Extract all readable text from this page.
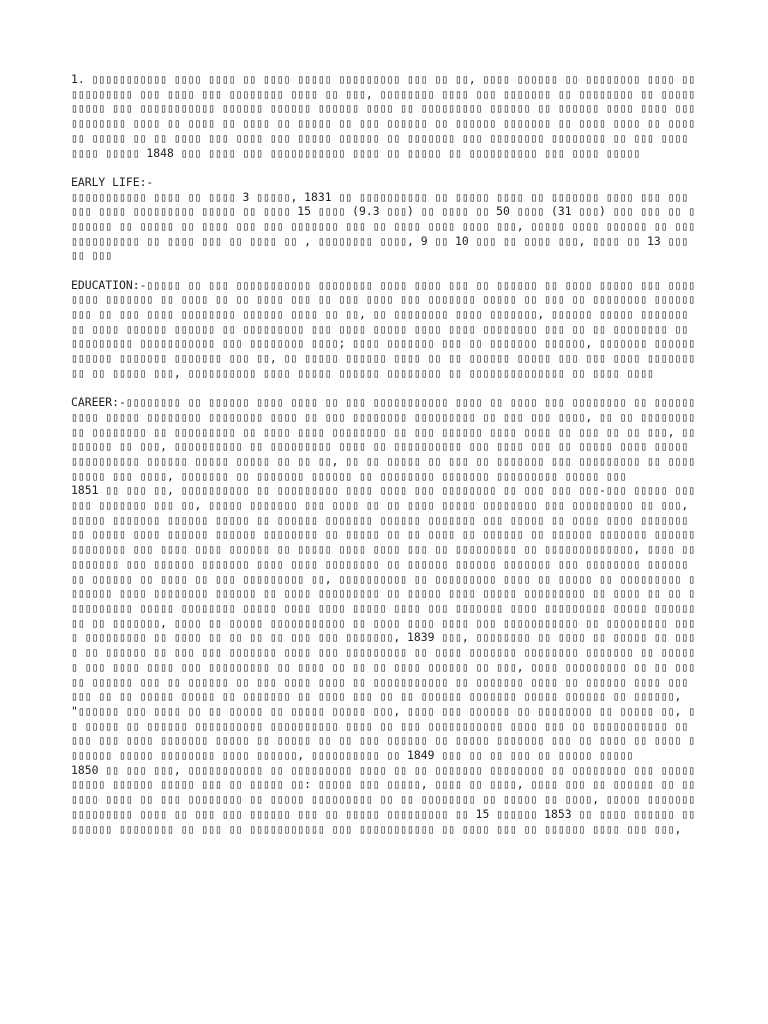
1. ▯▯▯▯▯▯▯▯▯▯▯ ▯▯▯▯ ▯▯▯▯ ▯▯ ▯▯▯▯ ▯▯▯▯▯ ▯▯▯▯▯▯▯▯▯ ▯▯▯ ▯▯ ▯▯, ▯▯▯▯ ▯▯▯▯▯▯ ▯▯ ▯▯▯▯▯▯▯▯ ▯▯▯▯ ▯▯▯▯▯▯▯▯▯▯▯ ▯▯▯ ▯▯▯▯ ▯▯▯ ▯▯▯▯▯▯▯▯ ▯▯▯▯ ▯▯ ▯▯▯, ▯▯▯▯▯▯▯▯ ▯▯▯▯ ▯▯▯ ▯▯▯▯▯▯▯ ▯▯ ▯▯▯▯▯▯▯▯ ▯▯ ▯▯▯▯▯ ▯▯▯▯▯ ▯▯▯ ▯▯▯▯▯▯▯▯▯▯▯ ▯▯▯▯▯▯ ▯▯▯▯▯▯ ▯▯▯▯▯▯ ▯▯▯▯ ▯▯ ▯▯▯▯▯▯▯▯▯ ▯▯▯▯▯▯ ▯▯ ▯▯▯▯▯▯ ▯▯▯▯ ▯▯▯▯ ▯▯▯ ▯▯▯▯▯▯▯▯ ▯▯▯▯ ▯▯ ▯▯▯▯ ▯▯ ▯▯▯▯ ▯▯ ▯▯▯▯▯ ▯▯ ▯▯▯ ▯▯▯▯▯▯ ▯▯ ▯▯▯▯▯▯ ▯▯▯▯▯▯▯ ▯▯ ▯▯▯▯ ▯▯▯▯ ▯▯ ▯▯▯▯▯▯ ▯▯▯▯▯ ▯▯ ▯▯ ▯▯▯▯ ▯▯▯ ▯▯▯▯ ▯▯▯ ▯▯▯▯▯ ▯▯▯▯▯▯ ▯▯ ▯▯▯▯▯▯▯ ▯▯▯ ▯▯▯▯▯▯▯▯ ▯▯▯▯▯▯▯▯ ▯▯ ▯▯▯ ▯▯▯▯ ▯▯▯▯ ▯▯▯▯▯ 1848 ▯▯▯ ▯▯▯▯ ▯▯▯ ▯▯▯▯▯▯▯▯▯▯▯ ▯▯▯▯ ▯▯ ▯▯▯▯▯ ▯▯ ▯▯▯▯▯▯▯▯▯▯ ▯▯▯ ▯▯▯▯ ▯▯▯▯▯

EARLY LIFE:-
▯▯▯▯▯▯▯▯▯▯▯ ▯▯▯▯ ▯▯ ▯▯▯▯ 3 ▯▯▯▯▯, 1831 ▯▯ ▯▯▯▯▯▯▯▯▯▯ ▯▯ ▯▯▯▯▯ ▯▯▯▯ ▯▯ ▯▯▯▯▯▯▯ ▯▯▯▯ ▯▯▯ ▯▯▯ ▯▯▯ ▯▯▯▯ ▯▯▯▯▯▯▯▯▯ ▯▯▯▯▯ ▯▯ ▯▯▯▯ 15 ▯▯▯▯ (9.3 ▯▯▯) ▯▯ ▯▯▯▯ ▯▯ 50 ▯▯▯▯ (31 ▯▯▯) ▯▯▯ ▯▯▯ ▯▯ ▯▯▯▯▯▯▯ ▯▯ ▯▯▯▯▯ ▯▯ ▯▯▯▯ ▯▯▯ ▯▯▯ ▯▯▯▯▯▯▯ ▯▯▯ ▯▯ ▯▯▯▯ ▯▯▯▯ ▯▯▯▯ ▯▯▯, ▯▯▯▯▯ ▯▯▯▯ ▯▯▯▯▯▯ ▯▯ ▯▯▯▯▯▯▯▯▯▯▯▯▯ ▯▯ ▯▯▯▯ ▯▯▯ ▯▯ ▯▯▯▯ ▯▯ , ▯▯▯▯▯▯▯▯ ▯▯▯▯, 9 ▯▯ 10 ▯▯▯ ▯▯ ▯▯▯▯ ▯▯▯, ▯▯▯▯ ▯▯ 13 ▯▯▯ ▯▯ ▯▯▯

EDUCATION:-▯▯▯▯▯ ▯▯ ▯▯▯ ▯▯▯▯▯▯▯▯▯▯▯ ▯▯▯▯▯▯▯▯ ▯▯▯▯ ▯▯▯▯ ▯▯▯ ▯▯ ▯▯▯▯▯▯ ▯▯ ▯▯▯▯ ▯▯▯▯▯ ▯▯▯ ▯▯▯▯▯▯▯▯ ▯▯▯▯▯▯▯ ▯▯ ▯▯▯▯ ▯▯ ▯▯ ▯▯▯▯ ▯▯▯ ▯▯ ▯▯▯ ▯▯▯▯ ▯▯▯ ▯▯▯▯▯▯▯ ▯▯▯▯▯ ▯▯ ▯▯▯ ▯▯ ▯▯▯▯▯▯▯▯ ▯▯▯▯▯▯▯▯▯ ▯▯ ▯▯▯ ▯▯▯▯ ▯▯▯▯▯▯▯▯ ▯▯▯▯▯▯ ▯▯▯▯ ▯▯ ▯▯, ▯▯ ▯▯▯▯▯▯▯▯ ▯▯▯▯ ▯▯▯▯▯▯▯, ▯▯▯▯▯▯ ▯▯▯▯▯ ▯▯▯▯▯▯▯ ▯▯ ▯▯▯▯ ▯▯▯▯▯▯ ▯▯▯▯▯▯ ▯▯ ▯▯▯▯▯▯▯▯▯ ▯▯▯ ▯▯▯▯ ▯▯▯▯▯ ▯▯▯▯ ▯▯▯▯ ▯▯▯▯▯▯▯▯ ▯▯▯ ▯▯ ▯▯ ▯▯▯▯▯▯▯▯ ▯▯ ▯▯▯▯▯▯▯▯▯ ▯▯▯▯▯▯▯▯▯▯▯ ▯▯▯ ▯▯▯▯▯▯▯▯ ▯▯▯▯; ▯▯▯▯ ▯▯▯▯▯▯▯ ▯▯▯ ▯▯ ▯▯▯▯▯▯▯ ▯▯▯▯▯▯, ▯▯▯▯▯▯▯ ▯▯▯▯▯▯ ▯▯▯▯▯▯ ▯▯▯▯▯▯▯ ▯▯▯▯▯▯▯ ▯▯▯ ▯▯, ▯▯ ▯▯▯▯▯ ▯▯▯▯▯▯ ▯▯▯▯ ▯▯ ▯▯ ▯▯▯▯▯▯ ▯▯▯▯▯ ▯▯▯ ▯▯▯ ▯▯▯▯ ▯▯▯▯▯▯▯▯▯ ▯▯ ▯▯▯▯▯ ▯▯▯, ▯▯▯▯▯▯▯▯▯▯ ▯▯▯▯ ▯▯▯▯▯ ▯▯▯▯▯▯ ▯▯▯▯▯▯▯▯ ▯▯ ▯▯▯▯▯▯▯▯▯▯▯▯▯▯ ▯▯ ▯▯▯▯ ▯▯▯▯

CAREER:-▯▯▯▯▯▯▯▯ ▯▯ ▯▯▯▯▯▯ ▯▯▯▯ ▯▯▯▯ ▯▯ ▯▯▯ ▯▯▯▯▯▯▯▯▯▯▯ ▯▯▯▯ ▯▯ ▯▯▯▯ ▯▯▯ ▯▯▯▯▯▯▯▯ ▯▯ ▯▯▯▯▯▯ ▯▯▯▯ ▯▯▯▯▯ ▯▯▯▯▯▯▯▯ ▯▯▯▯▯▯▯▯ ▯▯▯▯ ▯▯ ▯▯▯ ▯▯▯▯▯▯▯▯ ▯▯▯▯▯▯▯▯▯ ▯▯ ▯▯▯ ▯▯▯ ▯▯▯▯, ▯▯ ▯▯ ▯▯▯▯▯▯▯▯▯▯ ▯▯▯▯▯▯▯▯ ▯▯ ▯▯▯▯▯▯▯▯▯ ▯▯ ▯▯▯▯ ▯▯▯▯ ▯▯▯▯▯▯▯▯ ▯▯ ▯▯▯ ▯▯▯▯▯▯ ▯▯▯▯ ▯▯▯▯ ▯▯ ▯▯▯ ▯▯ ▯▯ ▯▯▯, ▯▯▯▯▯▯▯▯ ▯▯ ▯▯▯, ▯▯▯▯▯▯▯▯▯▯ ▯▯ ▯▯▯▯▯▯▯▯▯ ▯▯▯▯ ▯▯ ▯▯▯▯▯▯▯▯▯▯ ▯▯▯ ▯▯▯▯ ▯▯▯ ▯▯ ▯▯▯▯▯ ▯▯▯▯ ▯▯▯▯▯ ▯▯▯▯▯▯▯▯▯▯ ▯▯▯▯▯▯ ▯▯▯▯▯ ▯▯▯▯▯ ▯▯ ▯▯ ▯▯, ▯▯ ▯▯ ▯▯▯▯▯ ▯▯ ▯▯▯ ▯▯ ▯▯▯▯▯▯▯ ▯▯▯ ▯▯▯▯▯▯▯▯▯ ▯▯ ▯▯▯▯▯▯▯▯▯ ▯▯▯ ▯▯▯▯, ▯▯▯▯▯▯▯ ▯▯ ▯▯▯▯▯▯▯ ▯▯▯▯▯▯ ▯▯ ▯▯▯▯▯▯▯▯ ▯▯▯▯▯▯▯ ▯▯▯▯▯▯▯▯▯ ▯▯▯▯▯ ▯▯▯
1851 ▯▯ ▯▯▯ ▯▯, ▯▯▯▯▯▯▯▯▯▯ ▯▯ ▯▯▯▯▯▯▯▯▯ ▯▯▯▯ ▯▯▯▯ ▯▯▯ ▯▯▯▯▯▯▯▯ ▯▯ ▯▯▯ ▯▯▯ ▯▯▯-▯▯▯ ▯▯▯▯▯ ▯▯▯ ▯▯▯ ▯▯▯▯▯▯▯ ▯▯▯ ▯▯, ▯▯▯▯▯ ▯▯▯▯▯▯▯ ▯▯▯ ▯▯▯▯ ▯▯ ▯▯ ▯▯▯▯ ▯▯▯▯▯ ▯▯▯▯▯▯▯▯ ▯▯▯ ▯▯▯▯▯▯▯▯▯ ▯▯ ▯▯▯, ▯▯▯▯▯ ▯▯▯▯▯▯▯ ▯▯▯▯▯▯ ▯▯▯▯▯ ▯▯ ▯▯▯▯▯▯ ▯▯▯▯▯▯▯ ▯▯▯▯▯▯ ▯▯▯▯▯▯▯ ▯▯▯ ▯▯▯▯▯ ▯▯ ▯▯▯▯ ▯▯▯▯ ▯▯▯▯▯▯▯ ▯▯ ▯▯▯▯▯ ▯▯▯▯ ▯▯▯▯▯▯ ▯▯▯▯▯▯ ▯▯▯▯▯▯▯▯ ▯▯ ▯▯▯▯▯ ▯▯ ▯▯ ▯▯▯▯ ▯▯ ▯▯▯▯▯▯ ▯▯ ▯▯▯▯▯▯ ▯▯▯▯▯▯▯ ▯▯▯▯▯▯ ▯▯▯▯▯▯▯▯ ▯▯▯ ▯▯▯▯ ▯▯▯▯ ▯▯▯▯▯▯ ▯▯ ▯▯▯▯▯ ▯▯▯▯ ▯▯▯▯ ▯▯▯ ▯▯ ▯▯▯▯▯▯▯▯▯ ▯▯ ▯▯▯▯▯▯▯▯▯▯▯▯▯, ▯▯▯▯ ▯▯ ▯▯▯▯▯▯▯ ▯▯▯ ▯▯▯▯▯▯ ▯▯▯▯▯▯▯ ▯▯▯▯ ▯▯▯▯ ▯▯▯▯▯▯▯▯ ▯▯ ▯▯▯▯▯▯ ▯▯▯▯▯▯ ▯▯▯▯▯▯▯ ▯▯▯ ▯▯▯▯▯▯▯▯ ▯▯▯▯▯▯ ▯▯ ▯▯▯▯▯▯ ▯▯ ▯▯▯▯ ▯▯ ▯▯▯ ▯▯▯▯▯▯▯▯▯ ▯▯, ▯▯▯▯▯▯▯▯▯▯ ▯▯ ▯▯▯▯▯▯▯▯▯ ▯▯▯▯ ▯▯ ▯▯▯▯▯ ▯▯ ▯▯▯▯▯▯▯▯▯ ▯▯▯▯▯▯▯ ▯▯▯▯ ▯▯▯▯▯▯▯▯ ▯▯▯▯▯▯ ▯▯ ▯▯▯▯ ▯▯▯▯▯▯▯▯▯ ▯▯ ▯▯▯▯▯ ▯▯▯▯ ▯▯▯▯▯ ▯▯▯▯▯▯▯▯▯ ▯▯ ▯▯▯▯ ▯▯ ▯▯ ▯▯▯▯▯▯▯▯▯▯ ▯▯▯▯▯ ▯▯▯▯▯▯▯▯ ▯▯▯▯▯ ▯▯▯▯ ▯▯▯▯ ▯▯▯▯▯ ▯▯▯▯ ▯▯▯ ▯▯▯▯▯▯▯ ▯▯▯▯ ▯▯▯▯▯▯▯▯▯ ▯▯▯▯▯ ▯▯▯▯▯▯ ▯▯ ▯▯ ▯▯▯▯▯▯▯, ▯▯▯▯ ▯▯ ▯▯▯▯▯ ▯▯▯▯▯▯▯▯▯▯▯ ▯▯ ▯▯▯▯ ▯▯▯▯ ▯▯▯▯ ▯▯▯ ▯▯▯▯▯▯▯▯▯▯▯ ▯▯ ▯▯▯▯▯▯▯▯▯ ▯▯▯▯ ▯▯▯▯▯▯▯▯▯ ▯▯ ▯▯▯▯ ▯▯ ▯▯ ▯▯ ▯▯ ▯▯▯ ▯▯▯ ▯▯▯▯▯▯▯, 1839 ▯▯▯, ▯▯▯▯▯▯▯▯ ▯▯ ▯▯▯▯ ▯▯ ▯▯▯▯▯ ▯▯ ▯▯▯▯ ▯▯ ▯▯▯▯▯▯ ▯▯ ▯▯▯ ▯▯▯ ▯▯▯▯▯▯▯ ▯▯▯▯ ▯▯▯ ▯▯▯▯▯▯▯▯▯ ▯▯ ▯▯▯▯ ▯▯▯▯▯▯▯ ▯▯▯▯▯▯▯▯ ▯▯▯▯▯▯▯ ▯▯ ▯▯▯▯▯▯ ▯▯▯ ▯▯▯▯ ▯▯▯▯ ▯▯▯ ▯▯▯▯▯▯▯▯▯ ▯▯ ▯▯▯▯ ▯▯ ▯▯ ▯▯ ▯▯▯▯ ▯▯▯▯▯▯ ▯▯ ▯▯▯, ▯▯▯▯ ▯▯▯▯▯▯▯▯▯ ▯▯ ▯▯ ▯▯▯▯▯ ▯▯▯▯▯▯ ▯▯▯ ▯▯ ▯▯▯▯▯▯ ▯▯ ▯▯▯ ▯▯▯▯ ▯▯▯▯ ▯▯ ▯▯▯▯▯▯▯▯▯▯▯ ▯▯ ▯▯▯▯▯▯▯ ▯▯▯▯ ▯▯ ▯▯▯▯▯▯ ▯▯▯▯ ▯▯▯ ▯▯▯ ▯▯ ▯▯ ▯▯▯▯▯ ▯▯▯▯▯ ▯▯ ▯▯▯▯▯▯▯ ▯▯ ▯▯▯▯ ▯▯▯ ▯▯ ▯▯ ▯▯▯▯▯▯ ▯▯▯▯▯▯▯ ▯▯▯▯▯ ▯▯▯▯▯▯ ▯▯ ▯▯▯▯▯▯, "▯▯▯▯▯▯ ▯▯▯ ▯▯▯▯ ▯▯ ▯▯ ▯▯▯▯▯ ▯▯ ▯▯▯▯▯ ▯▯▯▯▯ ▯▯▯, ▯▯▯▯ ▯▯▯ ▯▯▯▯▯▯ ▯▯ ▯▯▯▯▯▯▯▯ ▯▯ ▯▯▯▯▯ ▯▯, ▯▯ ▯▯▯▯▯ ▯▯ ▯▯▯▯▯▯ ▯▯▯▯▯▯▯▯▯▯ ▯▯▯▯▯▯▯▯▯▯ ▯▯▯▯ ▯▯ ▯▯▯ ▯▯▯▯▯▯▯▯▯▯▯ ▯▯▯▯ ▯▯▯ ▯▯ ▯▯▯▯▯▯▯▯▯▯▯ ▯▯ ▯▯▯ ▯▯▯ ▯▯▯▯ ▯▯▯▯▯▯▯ ▯▯▯▯▯ ▯▯ ▯▯▯▯▯ ▯▯ ▯▯ ▯▯▯ ▯▯▯▯▯▯ ▯▯ ▯▯▯▯▯ ▯▯▯▯▯▯▯ ▯▯▯ ▯▯ ▯▯▯▯ ▯▯ ▯▯▯▯ ▯▯▯▯▯▯▯ ▯▯▯▯▯ ▯▯▯▯▯▯▯▯ ▯▯▯▯ ▯▯▯▯▯▯, ▯▯▯▯▯▯▯▯▯▯ ▯▯ 1849 ▯▯▯ ▯▯ ▯▯ ▯▯▯ ▯▯ ▯▯▯▯▯ ▯▯▯▯▯
1850 ▯▯ ▯▯▯ ▯▯▯, ▯▯▯▯▯▯▯▯▯▯▯ ▯▯ ▯▯▯▯▯▯▯▯▯ ▯▯▯▯ ▯▯ ▯▯ ▯▯▯▯▯▯▯ ▯▯▯▯▯▯▯▯ ▯▯ ▯▯▯▯▯▯▯▯ ▯▯▯ ▯▯▯▯▯▯▯▯▯▯ ▯▯▯▯▯▯ ▯▯▯▯▯ ▯▯▯ ▯▯ ▯▯▯▯▯ ▯▯: ▯▯▯▯▯ ▯▯▯ ▯▯▯▯▯, ▯▯▯▯ ▯▯ ▯▯▯▯, ▯▯▯▯ ▯▯▯ ▯▯ ▯▯▯▯▯▯ ▯▯ ▯▯▯▯▯▯ ▯▯▯▯ ▯▯ ▯▯▯ ▯▯▯▯▯▯▯▯ ▯▯ ▯▯▯▯▯ ▯▯▯▯▯▯▯▯▯ ▯▯ ▯▯ ▯▯▯▯▯▯▯▯ ▯▯ ▯▯▯▯▯ ▯▯ ▯▯▯▯, ▯▯▯▯▯ ▯▯▯▯▯▯▯ ▯▯▯▯▯▯▯▯▯ ▯▯▯▯ ▯▯ ▯▯▯ ▯▯▯ ▯▯▯▯▯▯ ▯▯▯ ▯▯ ▯▯▯▯▯ ▯▯▯▯▯▯▯▯▯ ▯▯ 15 ▯▯▯▯▯▯ 1853 ▯▯ ▯▯▯▯ ▯▯▯▯▯▯ ▯▯▯▯▯▯▯▯ ▯▯▯▯▯▯▯▯ ▯▯ ▯▯▯ ▯▯ ▯▯▯▯▯▯▯▯▯▯▯ ▯▯▯ ▯▯▯▯▯▯▯▯▯▯▯ ▯▯ ▯▯▯▯ ▯▯▯ ▯▯ ▯▯▯▯▯▯ ▯▯▯▯ ▯▯▯ ▯▯▯,
